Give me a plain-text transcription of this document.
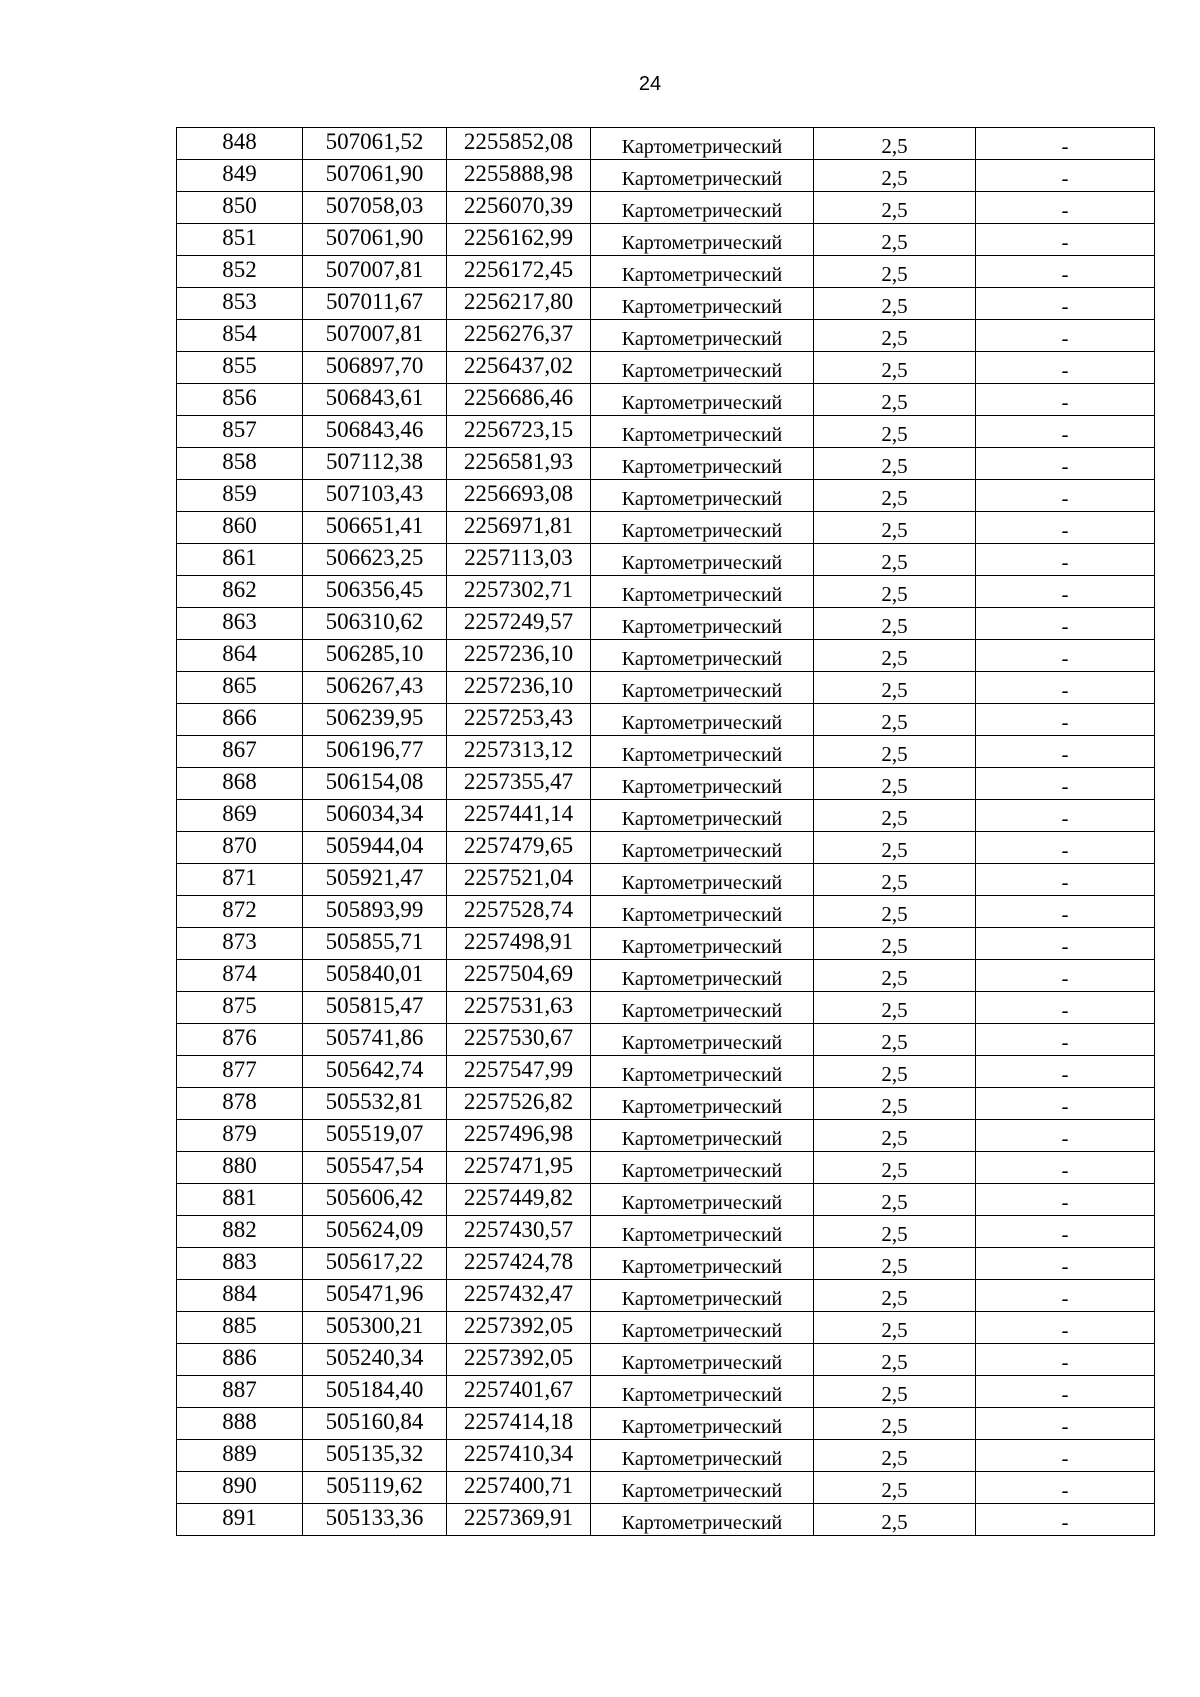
24
848	507061,52	2255852,08	Картометрический	2,5	-
849	507061,90	2255888,98	Картометрический	2,5	-
850	507058,03	2256070,39	Картометрический	2,5	-
851	507061,90	2256162,99	Картометрический	2,5	-
852	507007,81	2256172,45	Картометрический	2,5	-
853	507011,67	2256217,80	Картометрический	2,5	-
854	507007,81	2256276,37	Картометрический	2,5	-
855	506897,70	2256437,02	Картометрический	2,5	-
856	506843,61	2256686,46	Картометрический	2,5	-
857	506843,46	2256723,15	Картометрический	2,5	-
858	507112,38	2256581,93	Картометрический	2,5	-
859	507103,43	2256693,08	Картометрический	2,5	-
860	506651,41	2256971,81	Картометрический	2,5	-
861	506623,25	2257113,03	Картометрический	2,5	-
862	506356,45	2257302,71	Картометрический	2,5	-
863	506310,62	2257249,57	Картометрический	2,5	-
864	506285,10	2257236,10	Картометрический	2,5	-
865	506267,43	2257236,10	Картометрический	2,5	-
866	506239,95	2257253,43	Картометрический	2,5	-
867	506196,77	2257313,12	Картометрический	2,5	-
868	506154,08	2257355,47	Картометрический	2,5	-
869	506034,34	2257441,14	Картометрический	2,5	-
870	505944,04	2257479,65	Картометрический	2,5	-
871	505921,47	2257521,04	Картометрический	2,5	-
872	505893,99	2257528,74	Картометрический	2,5	-
873	505855,71	2257498,91	Картометрический	2,5	-
874	505840,01	2257504,69	Картометрический	2,5	-
875	505815,47	2257531,63	Картометрический	2,5	-
876	505741,86	2257530,67	Картометрический	2,5	-
877	505642,74	2257547,99	Картометрический	2,5	-
878	505532,81	2257526,82	Картометрический	2,5	-
879	505519,07	2257496,98	Картометрический	2,5	-
880	505547,54	2257471,95	Картометрический	2,5	-
881	505606,42	2257449,82	Картометрический	2,5	-
882	505624,09	2257430,57	Картометрический	2,5	-
883	505617,22	2257424,78	Картометрический	2,5	-
884	505471,96	2257432,47	Картометрический	2,5	-
885	505300,21	2257392,05	Картометрический	2,5	-
886	505240,34	2257392,05	Картометрический	2,5	-
887	505184,40	2257401,67	Картометрический	2,5	-
888	505160,84	2257414,18	Картометрический	2,5	-
889	505135,32	2257410,34	Картометрический	2,5	-
890	505119,62	2257400,71	Картометрический	2,5	-
891	505133,36	2257369,91	Картометрический	2,5	-
